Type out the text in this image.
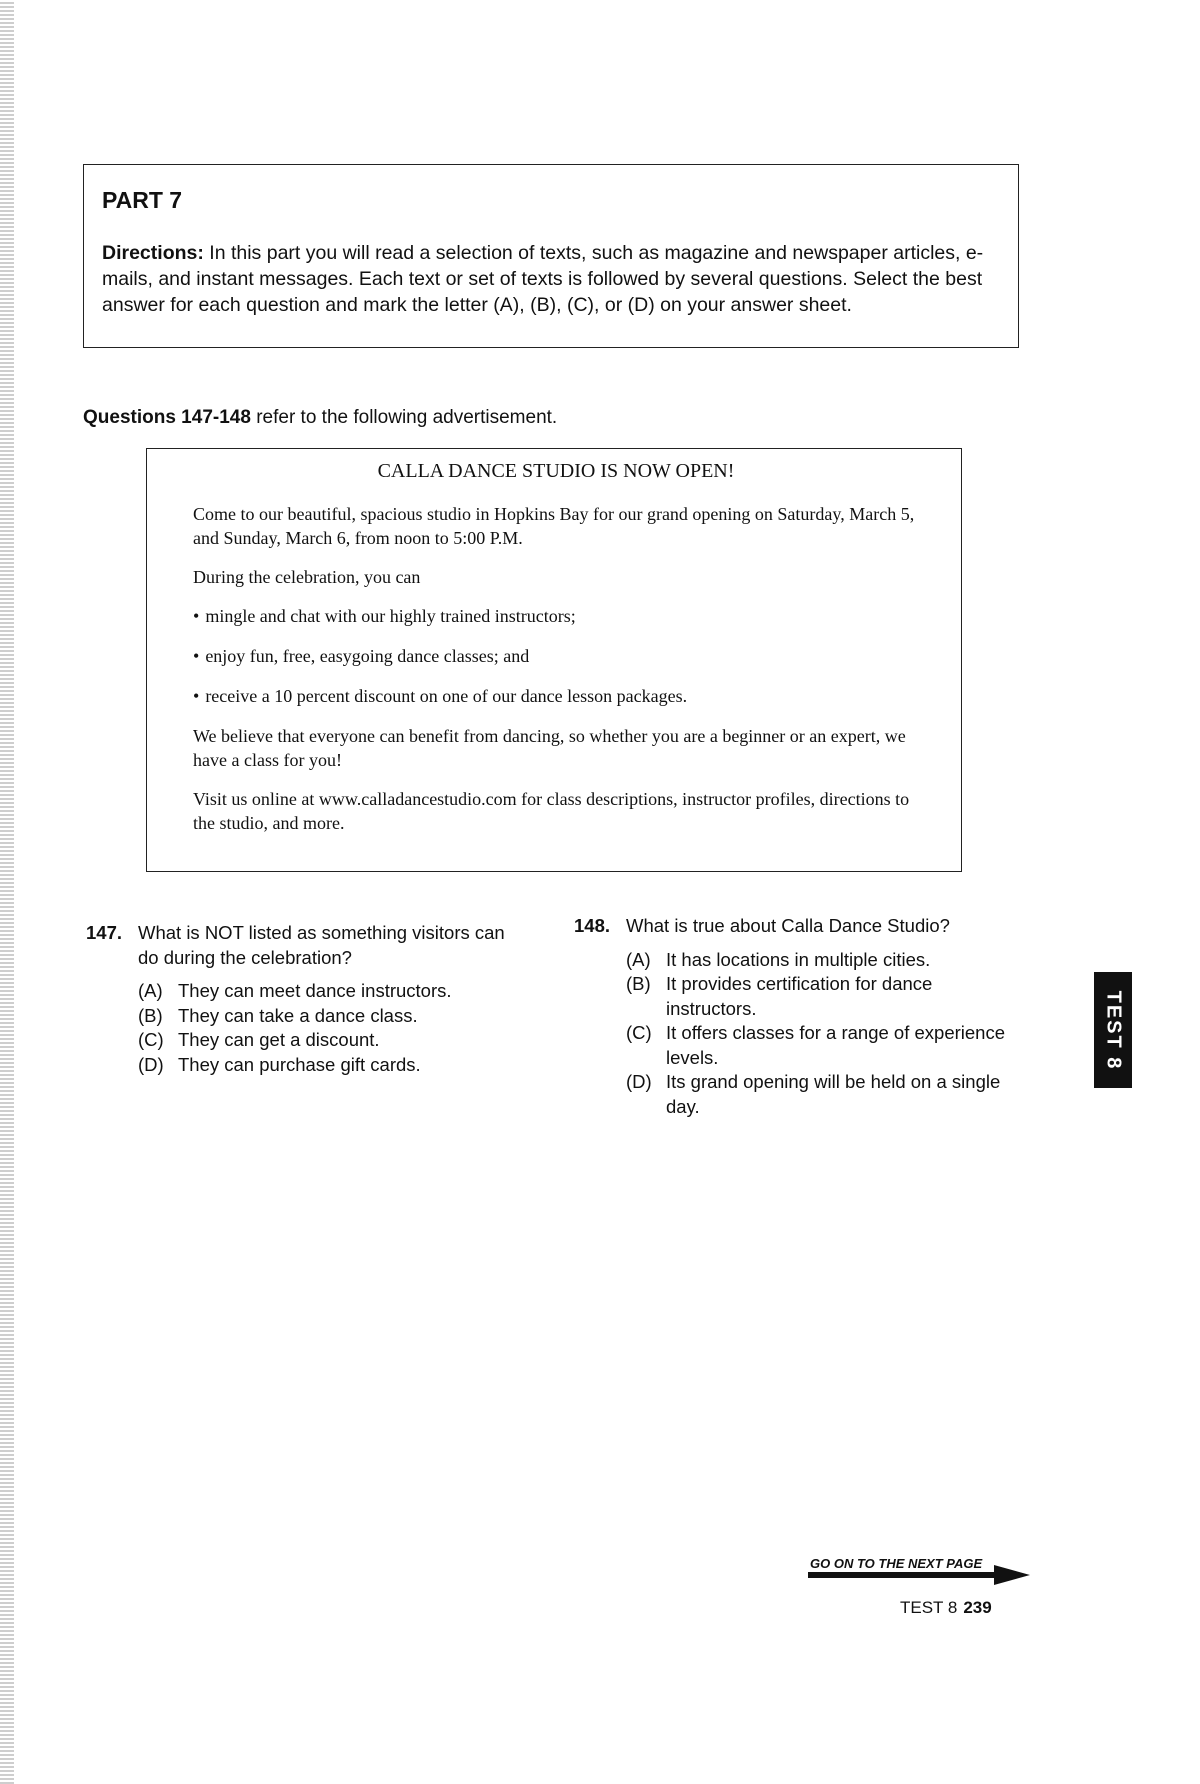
PART 7

Directions: In this part you will read a selection of texts, such as magazine and newspaper articles, e-mails, and instant messages. Each text or set of texts is followed by several questions. Select the best answer for each question and mark the letter (A), (B), (C), or (D) on your answer sheet.

Questions 147-148 refer to the following advertisement.

CALLA DANCE STUDIO IS NOW OPEN!

Come to our beautiful, spacious studio in Hopkins Bay for our grand opening on Saturday, March 5, and Sunday, March 6, from noon to 5:00 P.M.

During the celebration, you can

• mingle and chat with our highly trained instructors;
• enjoy fun, free, easygoing dance classes; and
• receive a 10 percent discount on one of our dance lesson packages.

We believe that everyone can benefit from dancing, so whether you are a beginner or an expert, we have a class for you!

Visit us online at www.calladancestudio.com for class descriptions, instructor profiles, directions to the studio, and more.

147. What is NOT listed as something visitors can do during the celebration?
(A) They can meet dance instructors.
(B) They can take a dance class.
(C) They can get a discount.
(D) They can purchase gift cards.
148. What is true about Calla Dance Studio?
(A) It has locations in multiple cities.
(B) It provides certification for dance instructors.
(C) It offers classes for a range of experience levels.
(D) Its grand opening will be held on a single day.
TEST 8
GO ON TO THE NEXT PAGE
TEST 8 239
